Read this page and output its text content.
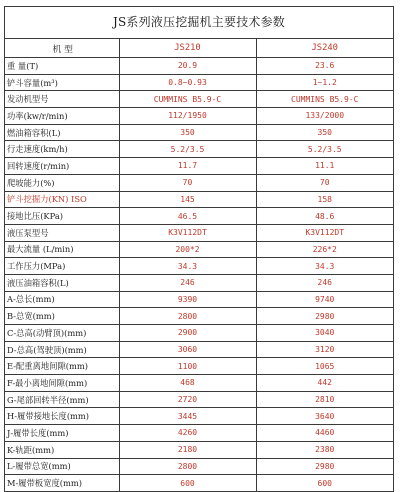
JS系列液压挖掘机主要技术参数
机 型	JS210	JS240
重 量(T)	20.9	23.6
铲斗容量(m³)	0.8~0.93	1~1.2
发动机型号	CUMMINS B5.9-C	CUMMINS B5.9-C
功率(kw/r/min)	112/1950	133/2000
燃油箱容积(L)	350	350
行走速度(km/h)	5.2/3.5	5.2/3.5
回转速度(r/min)	11.7	11.1
爬坡能力(%)	70	70
铲斗挖掘力(KN) ISO	145	158
接地比压(KPa)	46.5	48.6
液压泵型号	K3V112DT	K3V112DT
最大流量 (L/min)	200*2	226*2
工作压力(MPa)	34.3	34.3
液压油箱容积(L)	246	246
A-总长(mm)	9390	9740
B-总宽(mm)	2800	2980
C-总高(动臂顶)(mm)	2900	3040
D-总高(驾驶顶)(mm)	3060	3120
E-配重离地间隙(mm)	1100	1065
F-最小离地间隙(mm)	468	442
G-尾部回转半径(mm)	2720	2810
H-履带接地长度(mm)	3445	3640
J-履带长度(mm)	4260	4460
K-轨距(mm)	2180	2380
L-履带总宽(mm)	2800	2980
M-履带板宽度(mm)	600	600
